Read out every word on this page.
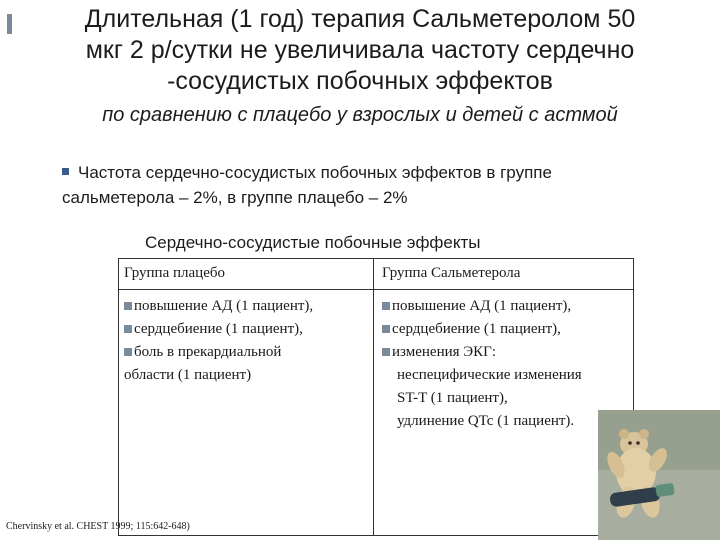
Длительная (1 год) терапия Сальметеролом 50
мкг 2 р/сутки не увеличивала частоту сердечно
-сосудистых побочных эффектов
по сравнению с плацебо у взрослых и детей с астмой
Частота сердечно-сосудистых побочных эффектов в группе
сальметерола – 2%, в группе плацебо – 2%
Сердечно-сосудистые побочные эффекты
Группа плацебо	Группа Сальметерола
повышение АД (1 пациент),
сердцебиение (1 пациент),
боль в прекардиальной
области (1 пациент)
повышение АД (1 пациент),
сердцебиение (1 пациент),
изменения ЭКГ:
неспецифические изменения
ST-T (1 пациент),
удлинение QTc (1 пациент).
Chervinsky et al. CHEST 1999; 115:642-648)
